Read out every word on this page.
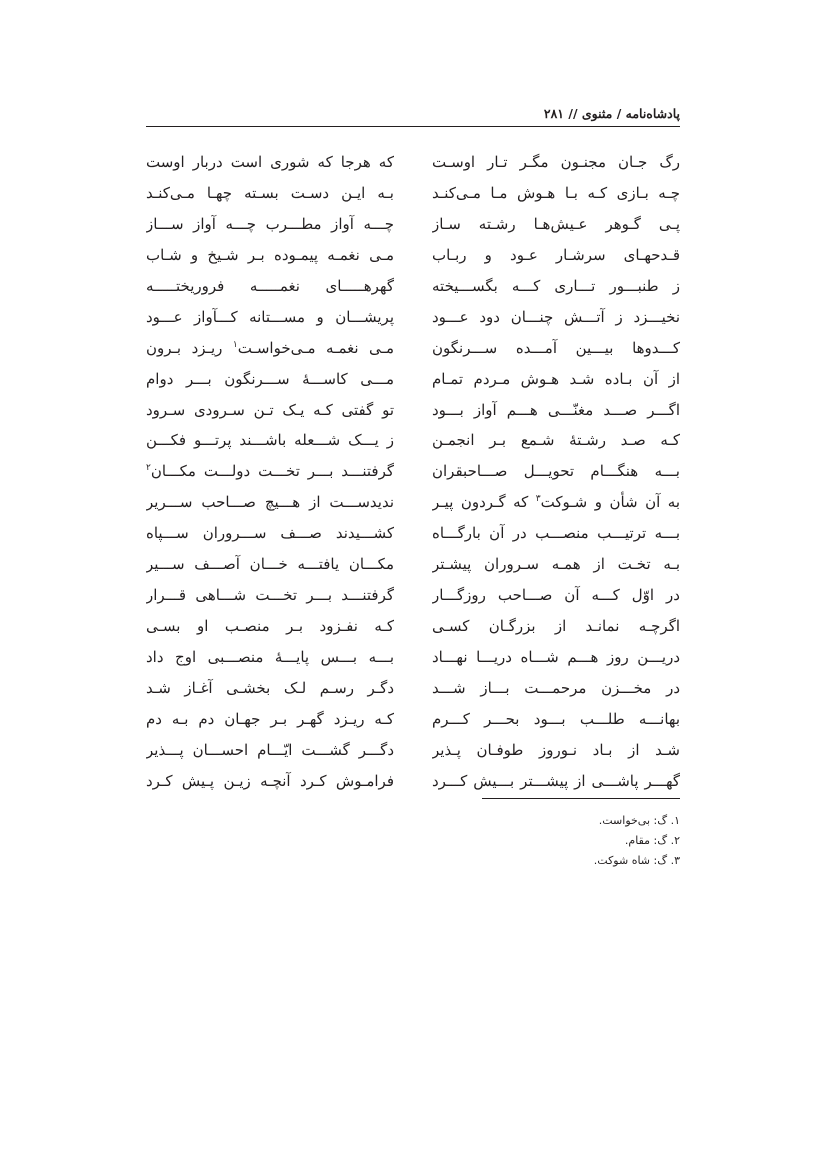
پادشاه‌نامه / مثنوی // ۲۸۱
رگ جـان مجنـون مگـر تـار اوسـت
چـه بـازی کـه بـا هـوش مـا مـی‌کنـد
پـی گـوهر عـیش‌هـا رشـته سـاز
قـدحهـای سرشـار عـود و ربـاب
ز طنبـــور تـــاری کـــه بگســـیخته
نخیـــزد ز آتـــش چنـــان دود عـــود
کـــدوها بیـــین آمـــده ســـرنگون
از آن بـاده شـد هـوش مـردم تمـام
اگـــر صـــد مغنّـــی هـــم آواز بـــود
کـه صـد رشـتهٔ شـمع بـر انجمـن
بـــه هنگـــام تحویـــل صـــاحبقران
به آن شأن و شـوکت$^۳$ که گـردون پیـر
بـــه ترتیـــب منصـــب در آن بارگـــاه
بـه تخـت از همـه سـروران پیشـتر
در اوّل کـــه آن صـــاحب روزگـــار
اگرچـه نمانـد از بزرگـان کسـی
دریـــن روز هـــم شـــاه دریـــا نهـــاد
در مخـــزن مرحمـــت بـــاز شـــد
بهانـــه طلـــب بـــود بحـــر کـــرم
شـد از بـاد نـوروز طوفـان پـذیر
گهـــر پاشـــی از پیشـــتر بـــیش کـــرد
که هرجا که شوری است دربار اوست
بـه ایـن دسـت بسـته چهـا مـی‌کنـد
چـــه آواز مطـــرب چـــه آواز ســـاز
مـی نغمـه پیمـوده بـر شـیخ و شـاب
گهرهـــــای نغمـــــه فروریختـــــه
پریشـــان و مســـتانه کـــآواز عـــود
مـی نغمـه مـی‌خواسـت$^۱$ ریـزد بـرون
مـــی کاســـهٔ ســـرنگون بـــر دوام
تو گفتی کـه یـک تـن سـرودی سـرود
ز یـــک شـــعله باشـــند پرتـــو فکـــن
گرفتنـــد بـــر تخـــت دولـــت مکـــان$^۲$
ندیدســـت از هـــیچ صـــاحب ســـریر
کشـــیدند صـــف ســـروران ســـپاه
مکـــان یافتـــه خـــان آصـــف ســـیر
گرفتنـــد بـــر تخـــت شـــاهی قـــرار
کـه نفـزود بـر منصـب او بسـی
بـــه بـــس پایـــهٔ منصـــبی اوج داد
دگـر رسـم لـک بخشـی آغـاز شـد
کـه ریـزد گهـر بـر جهـان دم بـه دم
دگـــر گشـــت ایّـــام احســـان پـــذیر
فرامـوش کـرد آنچـه زیـن پـیش کـرد
۱. گ: بی‌خواست.
۲. گ: مقام.
۳. گ: شاه شوکت.
